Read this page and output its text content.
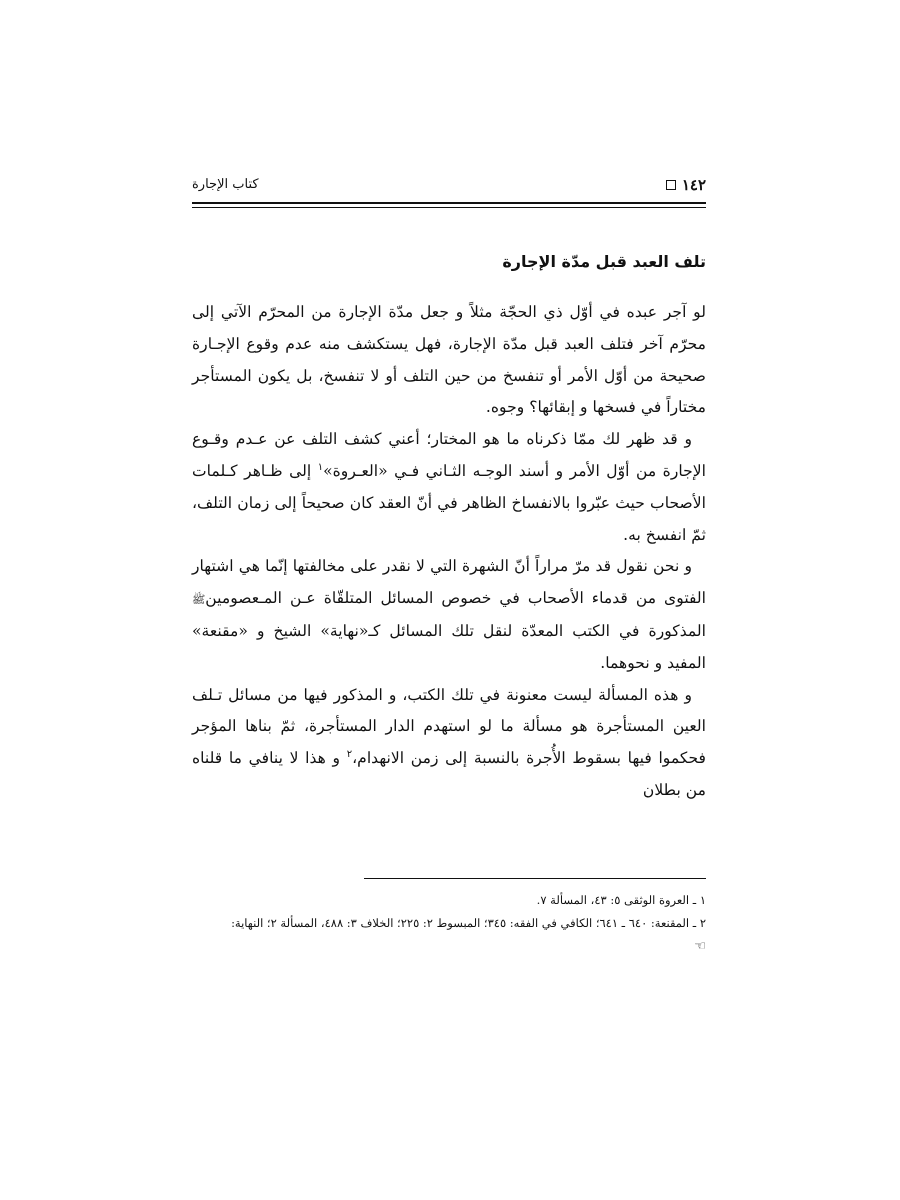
١٤٢
كتاب الإجارة
تلف العبد قبل مدّة الإجارة

لو آجر عبده في أوّل ذي الحجّة مثلاً و جعل مدّة الإجارة من المحرّم الآتي إلى محرّم آخر فتلف العبد قبل مدّة الإجارة، فهل يستكشف منه عدم وقوع الإجـارة صحيحة من أوّل الأمر أو تنفسخ من حين التلف أو لا تنفسخ، بل يكون المستأجر مختاراً في فسخها و إبقائها؟ وجوه.

و قد ظهر لك ممّا ذكرناه ما هو المختار؛ أعني كشف التلف عن عـدم وقـوع الإجارة من أوّل الأمر و أسند الوجـه الثـاني فـي «العـروة»$^١$ إلى ظـاهر كـلمات الأصحاب حيث عبّروا بالانفساخ الظاهر في أنّ العقد كان صحيحاً إلى زمان التلف، ثمّ انفسخ به.

و نحن نقول قد مرّ مراراً أنّ الشهرة التي لا نقدر على مخالفتها إنّما هي اشتهار الفتوى من قدماء الأصحاب في خصوص المسائل المتلقّاة عـن المـعصومينﷺ المذكورة في الكتب المعدّة لنقل تلك المسائل كـ«نهاية» الشيخ و «مقنعة» المفيد و نحوهما.

و هذه المسألة ليست معنونة في تلك الكتب، و المذكور فيها من مسائل تـلف العين المستأجرة هو مسألة ما لو استهدم الدار المستأجرة، ثمّ بناها المؤجر فحكموا فيها بسقوط الأُجرة بالنسبة إلى زمن الانهدام،$^٢$ و هذا لا ينافي ما قلناه من بطلان

١ ـ العروة الوثقى ٥: ٤٣، المسألة ٧.

٢ ـ المقنعة: ٦٤٠ ـ ٦٤١؛ الكافي في الفقه: ٣٤٥؛ المبسوط ٢: ٢٢٥؛ الخلاف ٣: ٤٨٨، المسألة ٢؛ النهاية:

☜
